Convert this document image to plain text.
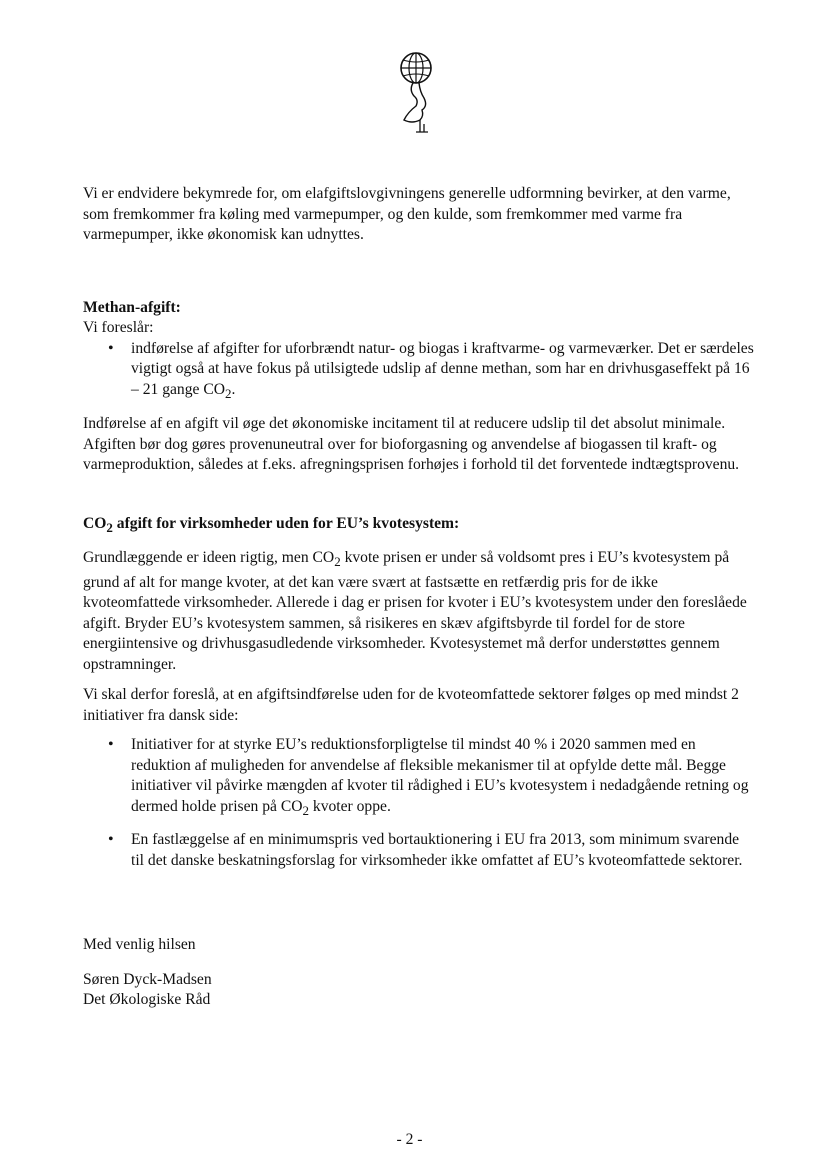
Vi er endvidere bekymrede for, om elafgiftslovgivningens generelle udformning bevirker, at den varme, som fremkommer fra køling med varmepumper, og den kulde, som fremkommer med varme fra varmepumper, ikke økonomisk kan udnyttes.

Methan-afgift:

Vi foreslår:

• indførelse af afgifter for uforbrændt natur- og biogas i kraftvarme- og varmeværker. Det er særdeles vigtigt også at have fokus på utilsigtede udslip af denne methan, som har en drivhusgaseffekt på 16 – 21 gange $CO_2$.

Indførelse af en afgift vil øge det økonomiske incitament til at reducere udslip til det absolut minimale. Afgiften bør dog gøres provenuneutral over for bioforgasning og anvendelse af biogassen til kraft- og varmeproduktion, således at f.eks. afregningsprisen forhøjes i forhold til det forventede indtægtsprovenu.

$CO_2$ afgift for virksomheder uden for EU’s kvotesystem:

Grundlæggende er ideen rigtig, men $CO_2$ kvote prisen er under så voldsomt pres i EU’s kvotesystem på grund af alt for mange kvoter, at det kan være svært at fastsætte en retfærdig pris for de ikke kvoteomfattede virksomheder. Allerede i dag er prisen for kvoter i EU’s kvotesystem under den foreslåede afgift. Bryder EU’s kvotesystem sammen, så risikeres en skæv afgiftsbyrde til fordel for de store energiintensive og drivhusgasudledende virksomheder. Kvotesystemet må derfor understøttes gennem opstramninger.

Vi skal derfor foreslå, at en afgiftsindførelse uden for de kvoteomfattede sektorer følges op med mindst 2 initiativer fra dansk side:

• Initiativer for at styrke EU’s reduktionsforpligtelse til mindst 40 % i 2020 sammen med en reduktion af muligheden for anvendelse af fleksible mekanismer til at opfylde dette mål. Begge initiativer vil påvirke mængden af kvoter til rådighed i EU’s kvotesystem i nedadgående retning og dermed holde prisen på $CO_2$ kvoter oppe.
• En fastlæggelse af en minimumspris ved bortauktionering i EU fra 2013, som minimum svarende til det danske beskatningsforslag for virksomheder ikke omfattet af EU’s kvoteomfattede sektorer.

Med venlig hilsen

Søren Dyck-Madsen

Det Økologiske Råd

- 2 -
